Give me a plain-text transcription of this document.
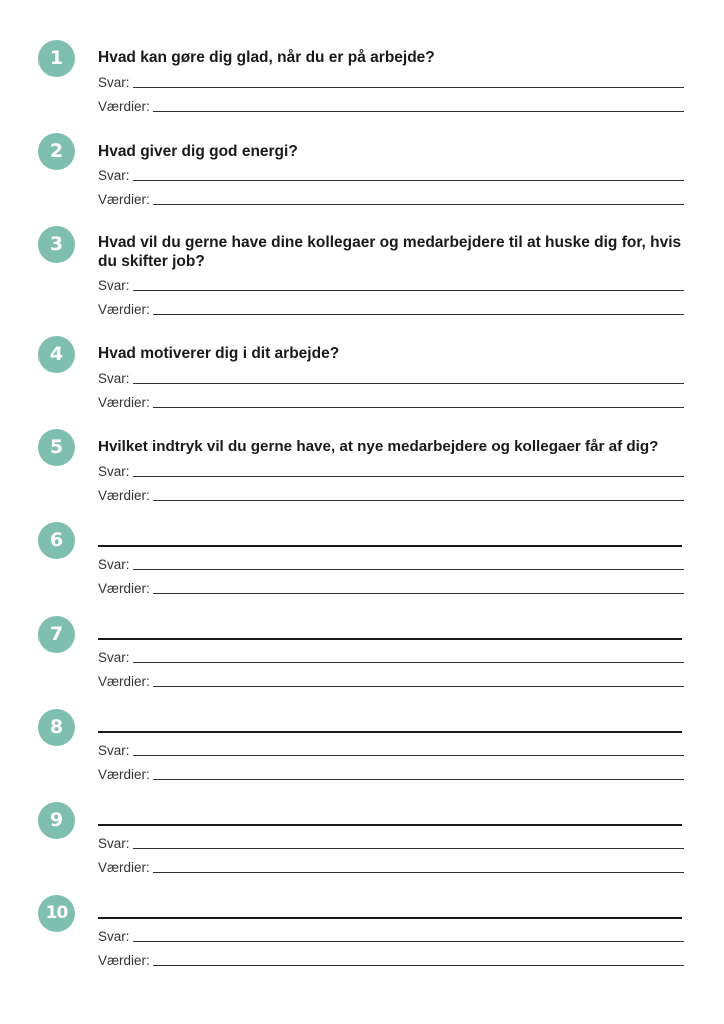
1	Hvad kan gøre dig glad, når du er på arbejde?
Svar:
Værdier:
2	Hvad giver dig god energi?
Svar:
Værdier:
3	Hvad vil du gerne have dine kollegaer og medarbejdere til at huske dig for, hvis du skifter job?
Svar:
Værdier:
4	Hvad motiverer dig i dit arbejde?
Svar:
Værdier:
5	Hvilket indtryk vil du gerne have, at nye medarbejdere og kollegaer får af dig?
Svar:
Værdier:
6
Svar:
Værdier:
7
Svar:
Værdier:
8
Svar:
Værdier:
9
Svar:
Værdier:
10
Svar:
Værdier:
